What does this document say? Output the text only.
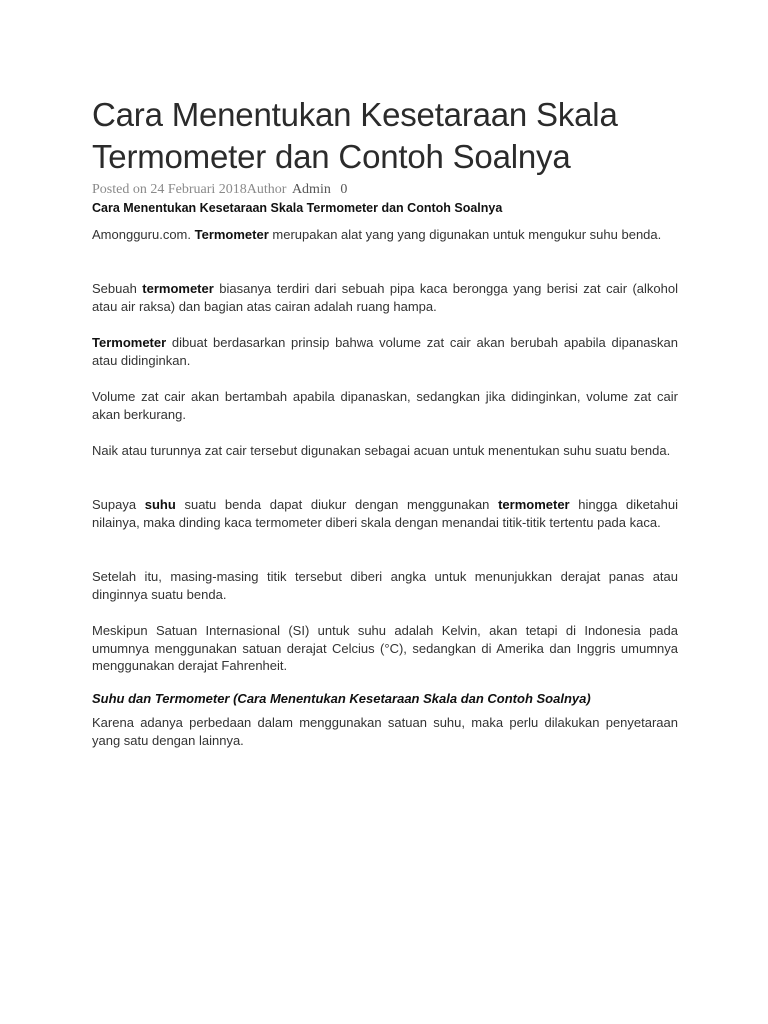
Cara Menentukan Kesetaraan Skala Termometer dan Contoh Soalnya
Posted on 24 Februari 2018Author Admin 0
Cara Menentukan Kesetaraan Skala Termometer dan Contoh Soalnya

Amongguru.com. Termometer merupakan alat yang yang digunakan untuk mengukur suhu benda.

Sebuah termometer biasanya terdiri dari sebuah pipa kaca berongga yang berisi zat cair (alkohol atau air raksa) dan bagian atas cairan adalah ruang hampa.

Termometer dibuat berdasarkan prinsip bahwa volume zat cair akan berubah apabila dipanaskan atau didinginkan.

Volume zat cair akan bertambah apabila dipanaskan, sedangkan jika didinginkan, volume zat cair akan berkurang.

Naik atau turunnya zat cair tersebut digunakan sebagai acuan untuk menentukan suhu suatu benda.

Supaya suhu suatu benda dapat diukur dengan menggunakan termometer hingga diketahui nilainya, maka dinding kaca termometer diberi skala dengan menandai titik-titik tertentu pada kaca.

Setelah itu, masing-masing titik tersebut diberi angka untuk menunjukkan derajat panas atau dinginnya suatu benda.

Meskipun Satuan Internasional (SI) untuk suhu adalah Kelvin, akan tetapi di Indonesia pada umumnya menggunakan satuan derajat Celcius (°C), sedangkan di Amerika dan Inggris umumnya menggunakan derajat Fahrenheit.

Suhu dan Termometer (Cara Menentukan Kesetaraan Skala dan Contoh Soalnya)

Karena adanya perbedaan dalam menggunakan satuan suhu, maka perlu dilakukan penyetaraan yang satu dengan lainnya.
